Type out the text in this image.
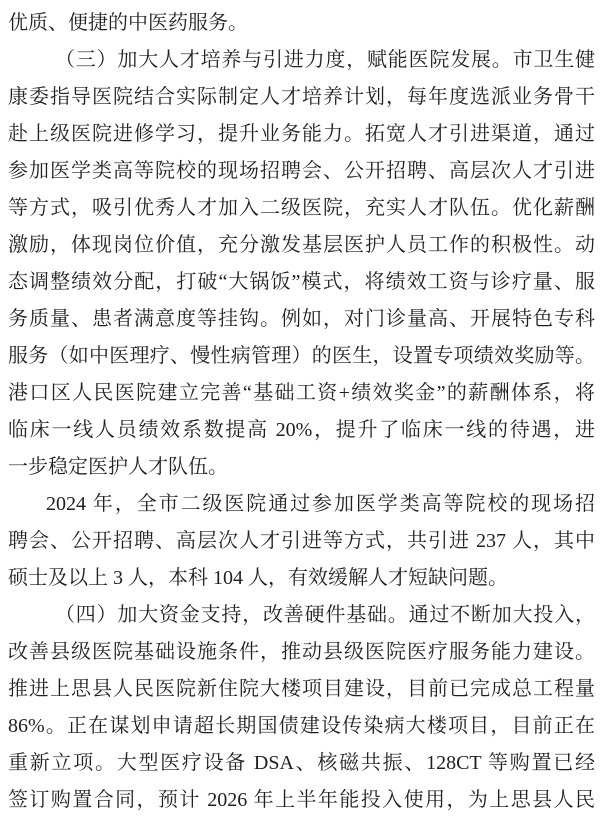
优质、便捷的中医药服务。
（三）加大人才培养与引进力度，赋能医院发展。市卫生健
康委指导医院结合实际制定人才培养计划，每年度选派业务骨干
赴上级医院进修学习，提升业务能力。拓宽人才引进渠道，通过
参加医学类高等院校的现场招聘会、公开招聘、高层次人才引进
等方式，吸引优秀人才加入二级医院，充实人才队伍。优化薪酬
激励，体现岗位价值，充分激发基层医护人员工作的积极性。动
态调整绩效分配，打破“大锅饭”模式，将绩效工资与诊疗量、服
务质量、患者满意度等挂钩。例如，对门诊量高、开展特色专科
服务（如中医理疗、慢性病管理）的医生，设置专项绩效奖励等。
港口区人民医院建立完善“基础工资+绩效奖金”的薪酬体系，将
临床一线人员绩效系数提高 20%，提升了临床一线的待遇，进
一步稳定医护人才队伍。
2024 年，全市二级医院通过参加医学类高等院校的现场招
聘会、公开招聘、高层次人才引进等方式，共引进 237 人，其中
硕士及以上 3 人，本科 104 人，有效缓解人才短缺问题。
（四）加大资金支持，改善硬件基础。通过不断加大投入，
改善县级医院基础设施条件，推动县级医院医疗服务能力建设。
推进上思县人民医院新住院大楼项目建设，目前已完成总工程量
86%。正在谋划申请超长期国债建设传染病大楼项目，目前正在
重新立项。大型医疗设备 DSA、核磁共振、128CT 等购置已经
签订购置合同，预计 2026 年上半年能投入使用，为上思县人民
